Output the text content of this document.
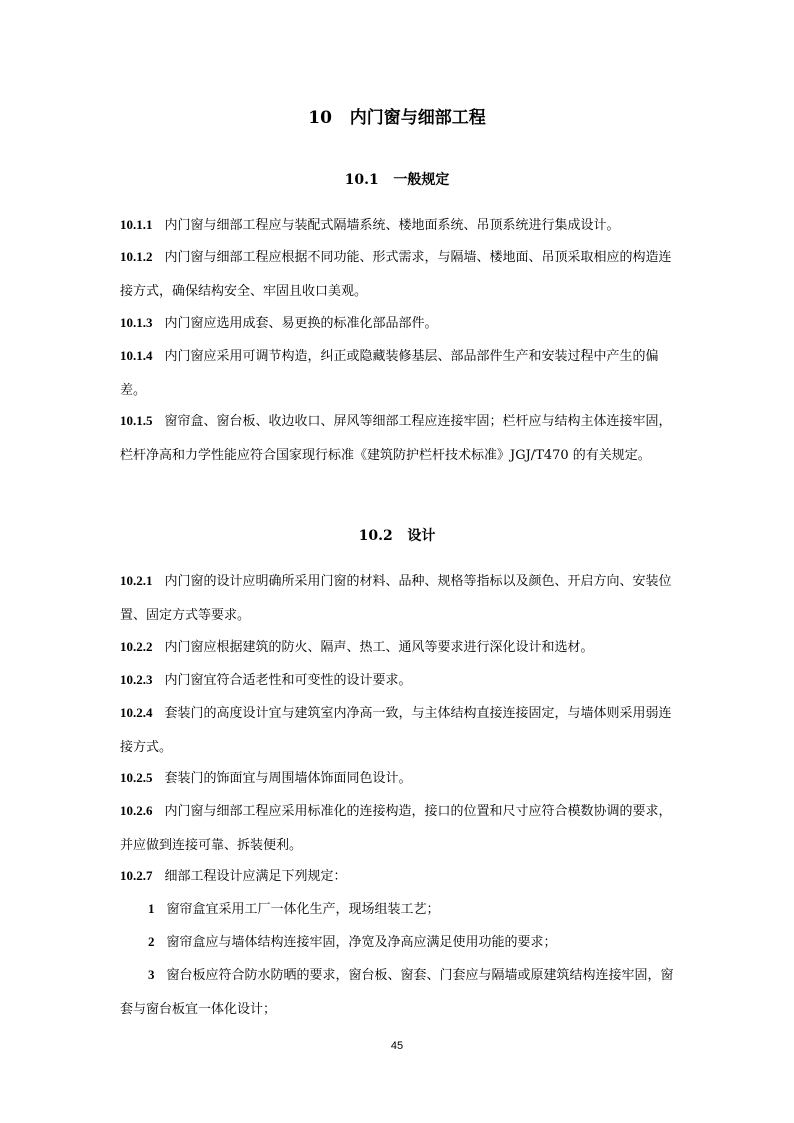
10 内门窗与细部工程
10.1 一般规定
10.1.1 内门窗与细部工程应与装配式隔墙系统、楼地面系统、吊顶系统进行集成设计。
10.1.2 内门窗与细部工程应根据不同功能、形式需求，与隔墙、楼地面、吊顶采取相应的构造连接方式，确保结构安全、牢固且收口美观。
10.1.3 内门窗应选用成套、易更换的标准化部品部件。
10.1.4 内门窗应采用可调节构造，纠正或隐藏装修基层、部品部件生产和安装过程中产生的偏差。
10.1.5 窗帘盒、窗台板、收边收口、屏风等细部工程应连接牢固；栏杆应与结构主体连接牢固，栏杆净高和力学性能应符合国家现行标准《建筑防护栏杆技术标准》JGJ/T470 的有关规定。
10.2 设计
10.2.1 内门窗的设计应明确所采用门窗的材料、品种、规格等指标以及颜色、开启方向、安装位置、固定方式等要求。
10.2.2 内门窗应根据建筑的防火、隔声、热工、通风等要求进行深化设计和选材。
10.2.3 内门窗宜符合适老性和可变性的设计要求。
10.2.4 套装门的高度设计宜与建筑室内净高一致，与主体结构直接连接固定，与墙体则采用弱连接方式。
10.2.5 套装门的饰面宜与周围墙体饰面同色设计。
10.2.6 内门窗与细部工程应采用标准化的连接构造，接口的位置和尺寸应符合模数协调的要求，并应做到连接可靠、拆装便利。
10.2.7 细部工程设计应满足下列规定：
1 窗帘盒宜采用工厂一体化生产，现场组装工艺；
2 窗帘盒应与墙体结构连接牢固，净宽及净高应满足使用功能的要求；
3 窗台板应符合防水防晒的要求，窗台板、窗套、门套应与隔墙或原建筑结构连接牢固，窗套与窗台板宜一体化设计；
45
